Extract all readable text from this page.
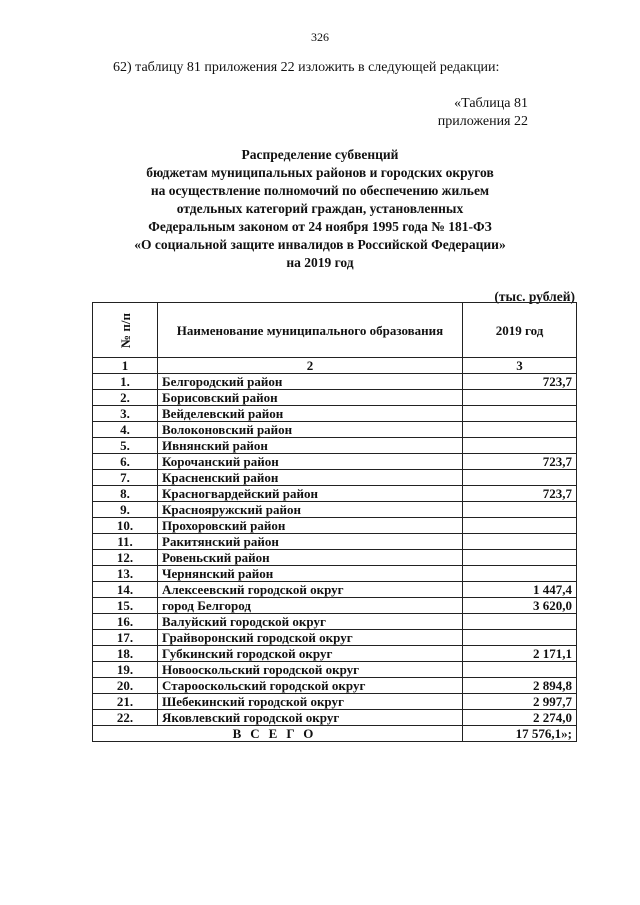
326
62) таблицу 81 приложения 22 изложить в следующей редакции:
«Таблица 81
приложения 22
Распределение субвенций
бюджетам муниципальных районов и городских округов
на осуществление полномочий по обеспечению жильем
отдельных категорий граждан, установленных
Федеральным законом от 24 ноября 1995 года № 181-ФЗ
«О социальной защите инвалидов в Российской Федерации»
на 2019 год
(тыс. рублей)
№ п/п	Наименование муниципального образования	2019 год
1	2	3
1.	Белгородский район	723,7
2.	Борисовский район	
3.	Вейделевский район	
4.	Волоконовский район	
5.	Ивнянский район	
6.	Корочанский район	723,7
7.	Красненский район	
8.	Красногвардейский район	723,7
9.	Краснояружский район	
10.	Прохоровский район	
11.	Ракитянский район	
12.	Ровеньский район	
13.	Чернянский район	
14.	Алексеевский городской округ	1 447,4
15.	город Белгород	3 620,0
16.	Валуйский городской округ	
17.	Грайворонский городской округ	
18.	Губкинский городской округ	2 171,1
19.	Новооскольский городской округ	
20.	Старооскольский городской округ	2 894,8
21.	Шебекинский городской округ	2 997,7
22.	Яковлевский городской округ	2 274,0
ВСЕГО		17 576,1»;
